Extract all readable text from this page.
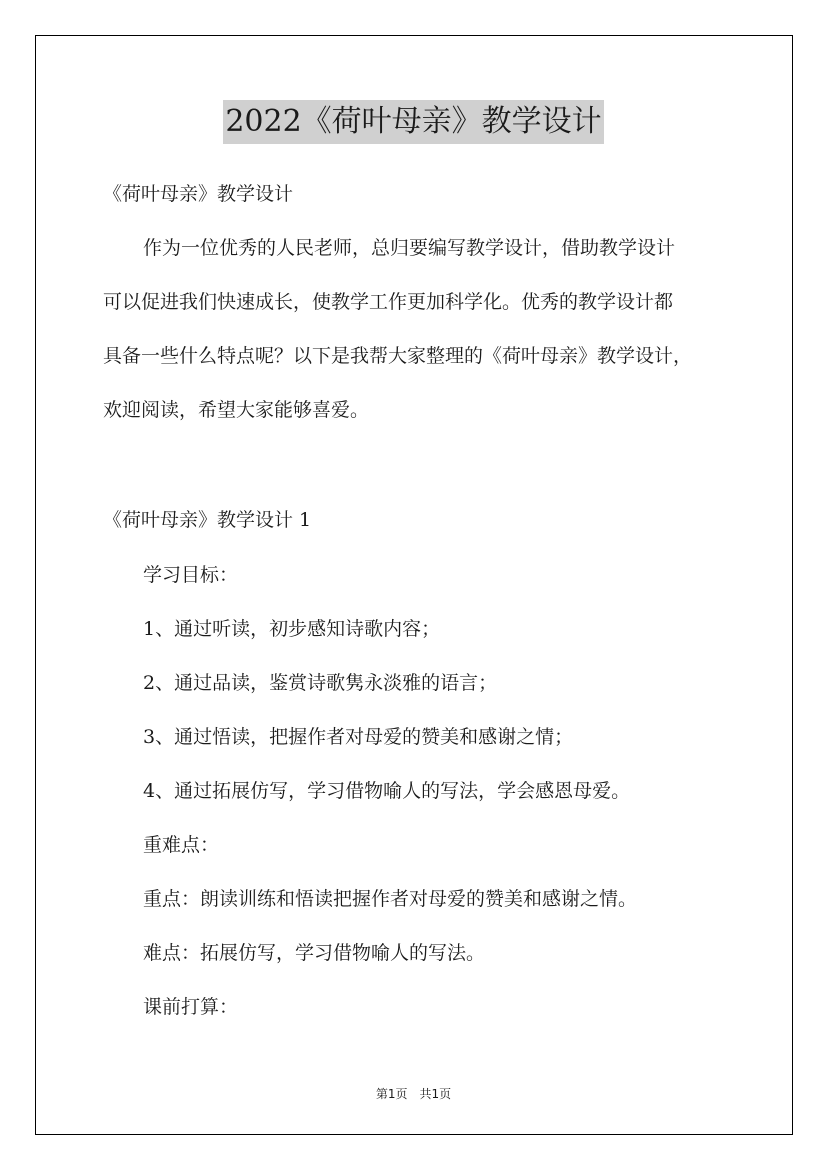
2022《荷叶母亲》教学设计
《荷叶母亲》教学设计
作为一位优秀的人民老师，总归要编写教学设计，借助教学设计
可以促进我们快速成长，使教学工作更加科学化。优秀的教学设计都
具备一些什么特点呢？以下是我帮大家整理的《荷叶母亲》教学设计，
欢迎阅读，希望大家能够喜爱。
《荷叶母亲》教学设计 1
学习目标：
1、通过听读，初步感知诗歌内容；
2、通过品读，鉴赏诗歌隽永淡雅的语言；
3、通过悟读，把握作者对母爱的赞美和感谢之情；
4、通过拓展仿写，学习借物喻人的写法，学会感恩母爱。
重难点：
重点：朗读训练和悟读把握作者对母爱的赞美和感谢之情。
难点：拓展仿写，学习借物喻人的写法。
课前打算：
第1页　共1页
